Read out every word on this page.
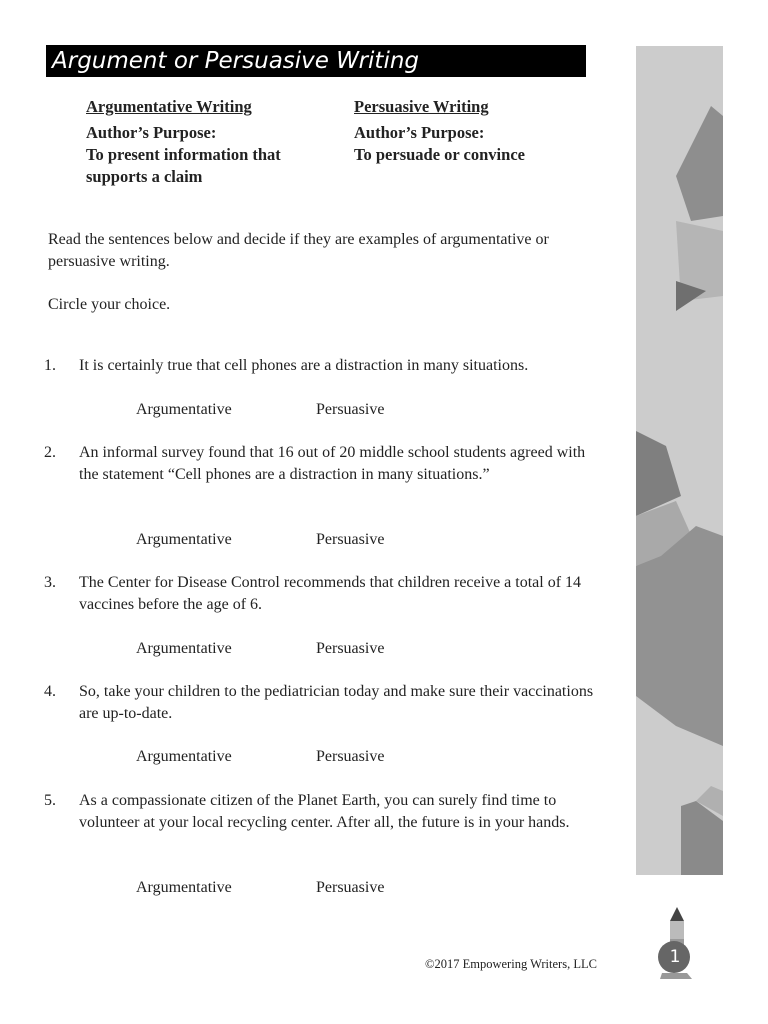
Argument or Persuasive Writing
Argumentative Writing
Author’s Purpose:
To present information that supports a claim
Persuasive Writing
Author’s Purpose:
To persuade or convince
Read the sentences below and decide if they are examples of argumentative or persuasive writing.
Circle your choice.
1.	It is certainly true that cell phones are a distraction in many situations.
Argumentative	Persuasive
2.	An informal survey found that 16 out of 20 middle school students agreed with the statement “Cell phones are a distraction in many situations.”
Argumentative	Persuasive
3.	The Center for Disease Control recommends that children receive a total of 14 vaccines before the age of 6.
Argumentative	Persuasive
4.	So, take your children to the pediatrician today and make sure their vaccinations are up-to-date.
Argumentative	Persuasive
5.	As a compassionate citizen of the Planet Earth, you can surely find time to volunteer at your local recycling center. After all, the future is in your hands.
Argumentative	Persuasive
1
©2017 Empowering Writers, LLC
